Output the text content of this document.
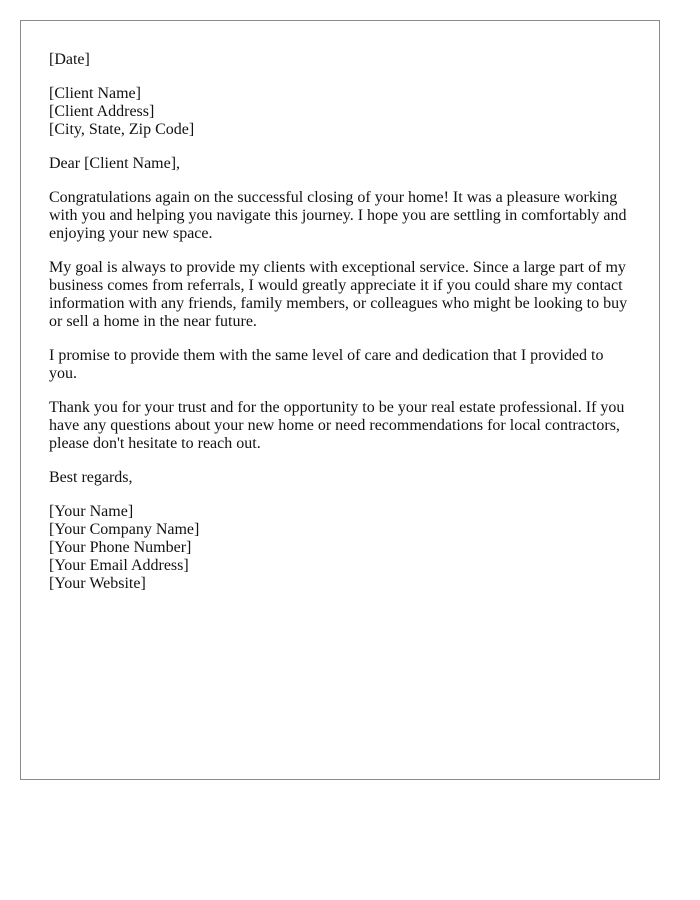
[Date]
[Client Name]
[Client Address]
[City, State, Zip Code]
Dear [Client Name],

Congratulations again on the successful closing of your home! It was a pleasure working with you and helping you navigate this journey. I hope you are settling in comfortably and enjoying your new space.

My goal is always to provide my clients with exceptional service. Since a large part of my business comes from referrals, I would greatly appreciate it if you could share my contact information with any friends, family members, or colleagues who might be looking to buy or sell a home in the near future.

I promise to provide them with the same level of care and dedication that I provided to you.

Thank you for your trust and for the opportunity to be your real estate professional. If you have any questions about your new home or need recommendations for local contractors, please don't hesitate to reach out.

Best regards,
[Your Name]
[Your Company Name]
[Your Phone Number]
[Your Email Address]
[Your Website]
